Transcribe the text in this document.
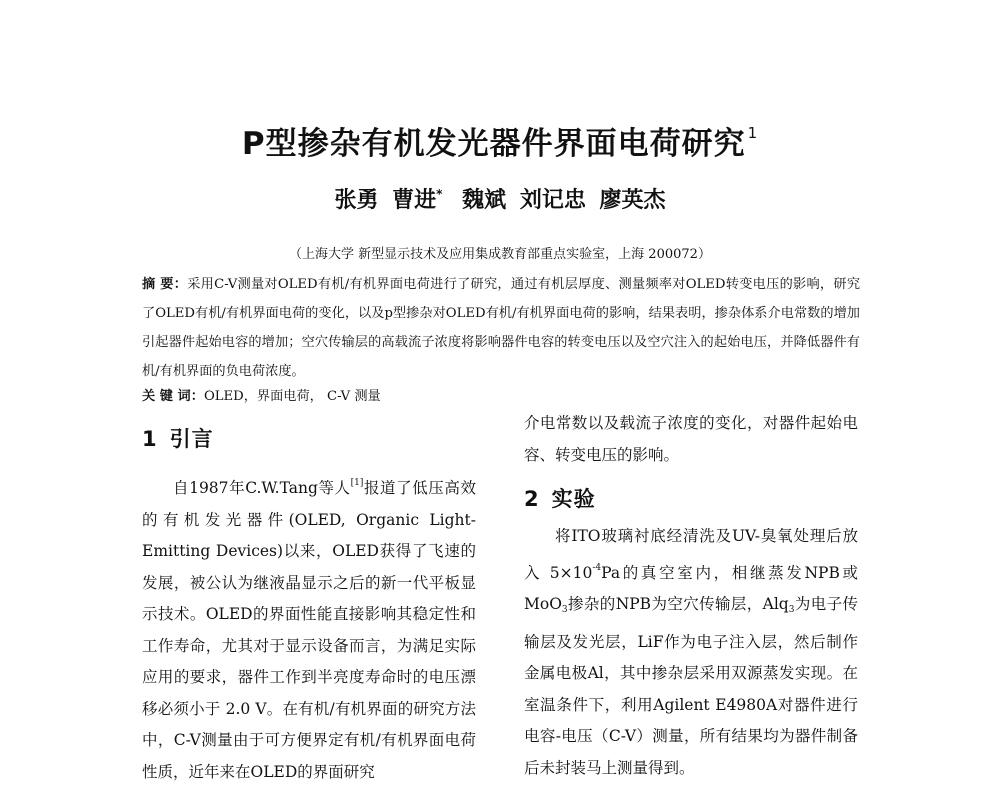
P型掺杂有机发光器件界面电荷研究 $^1$
张勇 曹进* 魏斌 刘记忠 廖英杰
（上海大学 新型显示技术及应用集成教育部重点实验室，上海 200072）
摘 要：采用C-V测量对OLED有机/有机界面电荷进行了研究，通过有机层厚度、测量频率对OLED转变电压的影响，研究了OLED有机/有机界面电荷的变化，以及p型掺杂对OLED有机/有机界面电荷的影响，结果表明，掺杂体系介电常数的增加引起器件起始电容的增加；空穴传输层的高载流子浓度将影响器件电容的转变电压以及空穴注入的起始电压，并降低器件有机/有机界面的负电荷浓度。
关 键 词：OLED，界面电荷， C-V 测量
1 引言
自1987年C.W.Tang等人[1]报道了低压高效的有机发光器件(OLED, Organic Light-Emitting Devices)以来，OLED获得了飞速的发展，被公认为继液晶显示之后的新一代平板显示技术。OLED的界面性能直接影响其稳定性和工作寿命，尤其对于显示设备而言，为满足实际应用的要求，器件工作到半亮度寿命时的电压漂移必须小于 2.0 V。在有机/有机界面的研究方法中，C-V测量由于可方便界定有机/有机界面电荷性质，近年来在OLED的界面研究
介电常数以及载流子浓度的变化，对器件起始电容、转变电压的影响。
2 实验
将ITO玻璃衬底经清洗及UV-臭氧处理后放入 $5\times 10^{-4}Pa$的真空室内，相继蒸发NPB或MoO$_3$掺杂的NPB为空穴传输层，Alq$_3$为电子传输层及发光层，LiF作为电子注入层，然后制作金属电极Al，其中掺杂层采用双源蒸发实现。在室温条件下，利用Agilent E4980A对器件进行电容-电压（C-V）测量，所有结果均为器件制备后未封装马上测量得到。
